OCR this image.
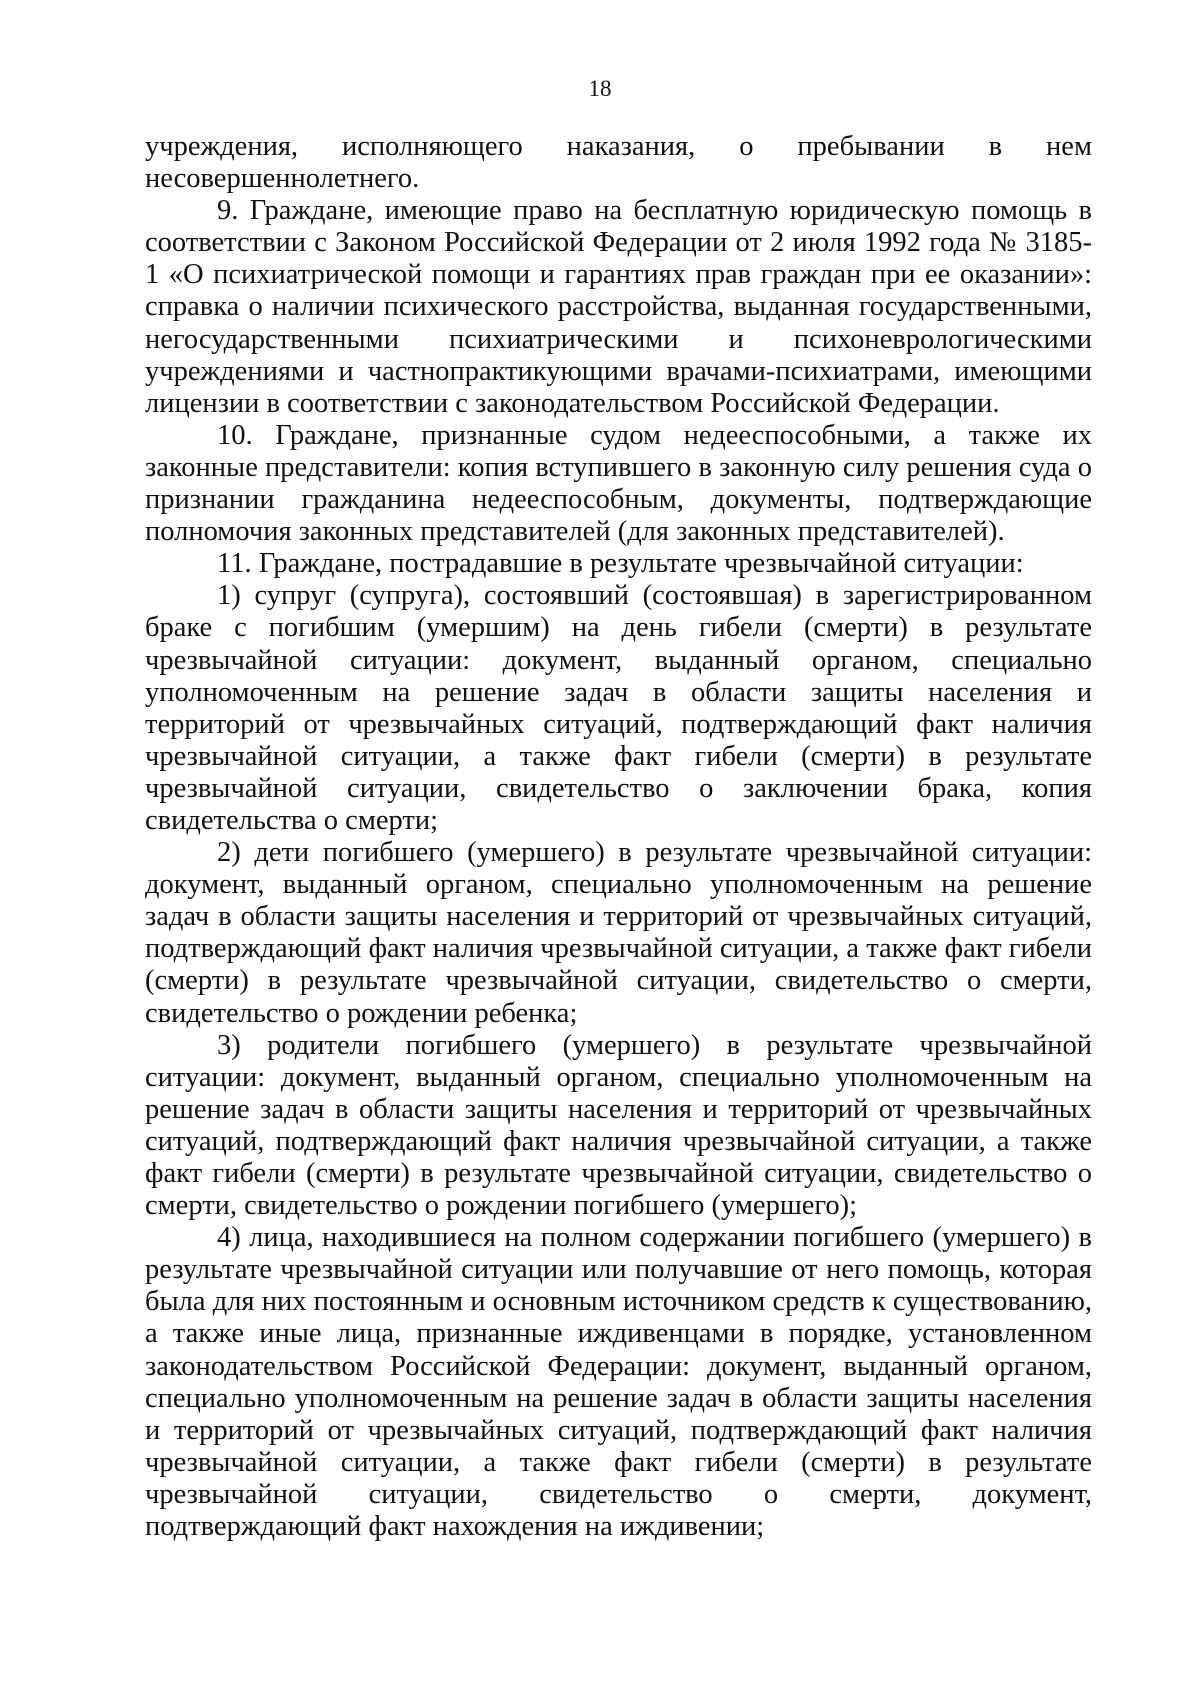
18

учреждения, исполняющего наказания, о пребывании в нем несовершеннолетнего.

9. Граждане, имеющие право на бесплатную юридическую помощь в соответствии с Законом Российской Федерации от 2 июля 1992 года № 3185-1 «О психиатрической помощи и гарантиях прав граждан при ее оказании»: справка о наличии психического расстройства, выданная государственными, негосударственными психиатрическими и психоневрологическими учреждениями и частнопрактикующими врачами-психиатрами, имеющими лицензии в соответствии с законодательством Российской Федерации.

10. Граждане, признанные судом недееспособными, а также их законные представители: копия вступившего в законную силу решения суда о признании гражданина недееспособным, документы, подтверждающие полномочия законных представителей (для законных представителей).

11. Граждане, пострадавшие в результате чрезвычайной ситуации:

1) супруг (супруга), состоявший (состоявшая) в зарегистрированном браке с погибшим (умершим) на день гибели (смерти) в результате чрезвычайной ситуации: документ, выданный органом, специально уполномоченным на решение задач в области защиты населения и территорий от чрезвычайных ситуаций, подтверждающий факт наличия чрезвычайной ситуации, а также факт гибели (смерти) в результате чрезвычайной ситуации, свидетельство о заключении брака, копия свидетельства о смерти;

2) дети погибшего (умершего) в результате чрезвычайной ситуации: документ, выданный органом, специально уполномоченным на решение задач в области защиты населения и территорий от чрезвычайных ситуаций, подтверждающий факт наличия чрезвычайной ситуации, а также факт гибели (смерти) в результате чрезвычайной ситуации, свидетельство о смерти, свидетельство о рождении ребенка;

3) родители погибшего (умершего) в результате чрезвычайной ситуации: документ, выданный органом, специально уполномоченным на решение задач в области защиты населения и территорий от чрезвычайных ситуаций, подтверждающий факт наличия чрезвычайной ситуации, а также факт гибели (смерти) в результате чрезвычайной ситуации, свидетельство о смерти, свидетельство о рождении погибшего (умершего);

4) лица, находившиеся на полном содержании погибшего (умершего) в результате чрезвычайной ситуации или получавшие от него помощь, которая была для них постоянным и основным источником средств к существованию, а также иные лица, признанные иждивенцами в порядке, установленном законодательством Российской Федерации: документ, выданный органом, специально уполномоченным на решение задач в области защиты населения и территорий от чрезвычайных ситуаций, подтверждающий факт наличия чрезвычайной ситуации, а также факт гибели (смерти) в результате чрезвычайной ситуации, свидетельство о смерти, документ, подтверждающий факт нахождения на иждивении;
